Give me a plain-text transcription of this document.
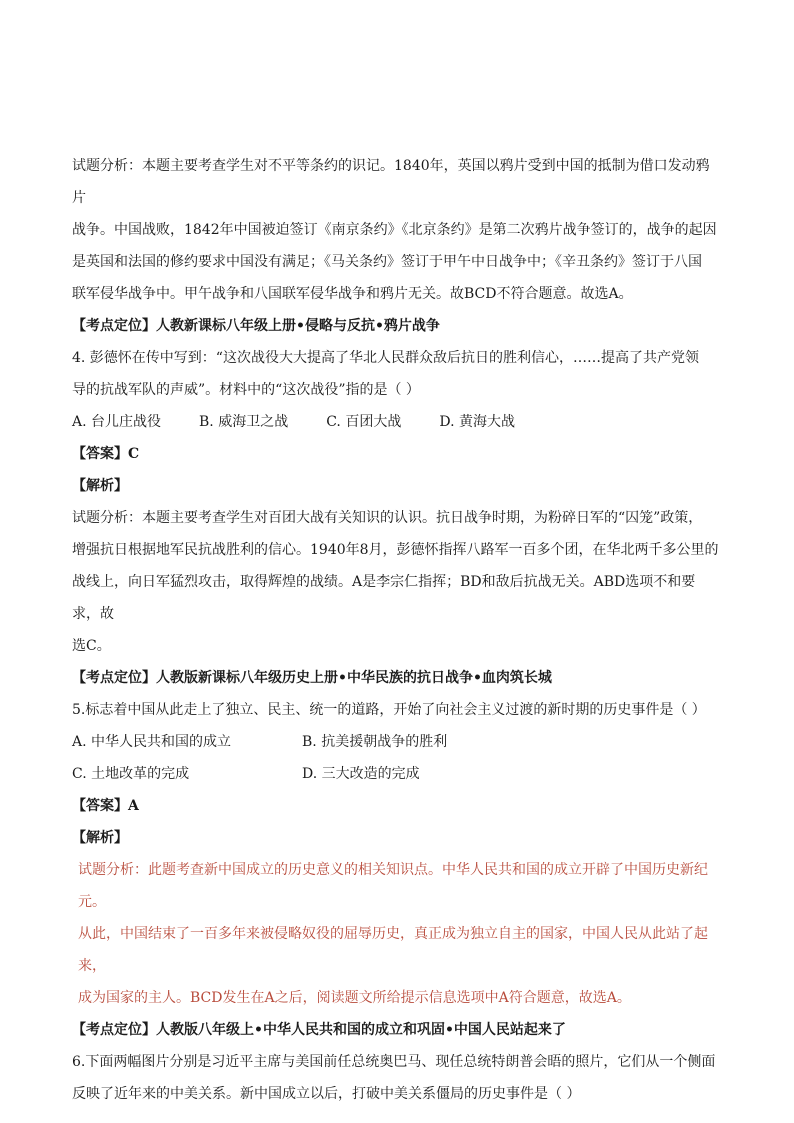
试题分析：本题主要考查学生对不平等条约的识记。1840年，英国以鸦片受到中国的抵制为借口发动鸦片

战争。中国战败，1842年中国被迫签订《南京条约》《北京条约》是第二次鸦片战争签订的，战争的起因

是英国和法国的修约要求中国没有满足；《马关条约》签订于甲午中日战争中；《辛丑条约》签订于八国

联军侵华战争中。甲午战争和八国联军侵华战争和鸦片无关。故BCD不符合题意。故选A。

【考点定位】人教新课标八年级上册•侵略与反抗•鸦片战争

4. 彭德怀在传中写到：“这次战役大大提高了华北人民群众敌后抗日的胜利信心，……提高了共产党领

导的抗战军队的声威”。材料中的“这次战役”指的是（ ）

A. 台儿庄战役	B. 威海卫之战	C. 百团大战	D. 黄海大战

【答案】C

【解析】

试题分析：本题主要考查学生对百团大战有关知识的认识。抗日战争时期，为粉碎日军的“囚笼”政策，

增强抗日根据地军民抗战胜利的信心。1940年8月，彭德怀指挥八路军一百多个团，在华北两千多公里的

战线上，向日军猛烈攻击，取得辉煌的战绩。A是李宗仁指挥；BD和敌后抗战无关。ABD选项不和要求，故

选C。

【考点定位】人教版新课标八年级历史上册•中华民族的抗日战争•血肉筑长城

5.标志着中国从此走上了独立、民主、统一的道路，开始了向社会主义过渡的新时期的历史事件是（ ）

A. 中华人民共和国的成立	B. 抗美援朝战争的胜利
C. 土地改革的完成	D. 三大改造的完成

【答案】A

【解析】

试题分析：此题考查新中国成立的历史意义的相关知识点。中华人民共和国的成立开辟了中国历史新纪元。

从此，中国结束了一百多年来被侵略奴役的屈辱历史，真正成为独立自主的国家，中国人民从此站了起来，

成为国家的主人。BCD发生在A之后，阅读题文所给提示信息选项中A符合题意，故选A。

【考点定位】人教版八年级上•中华人民共和国的成立和巩固•中国人民站起来了

6.下面两幅图片分别是习近平主席与美国前任总统奥巴马、现任总统特朗普会晤的照片，它们从一个侧面

反映了近年来的中美关系。新中国成立以后，打破中美关系僵局的历史事件是（ ）
